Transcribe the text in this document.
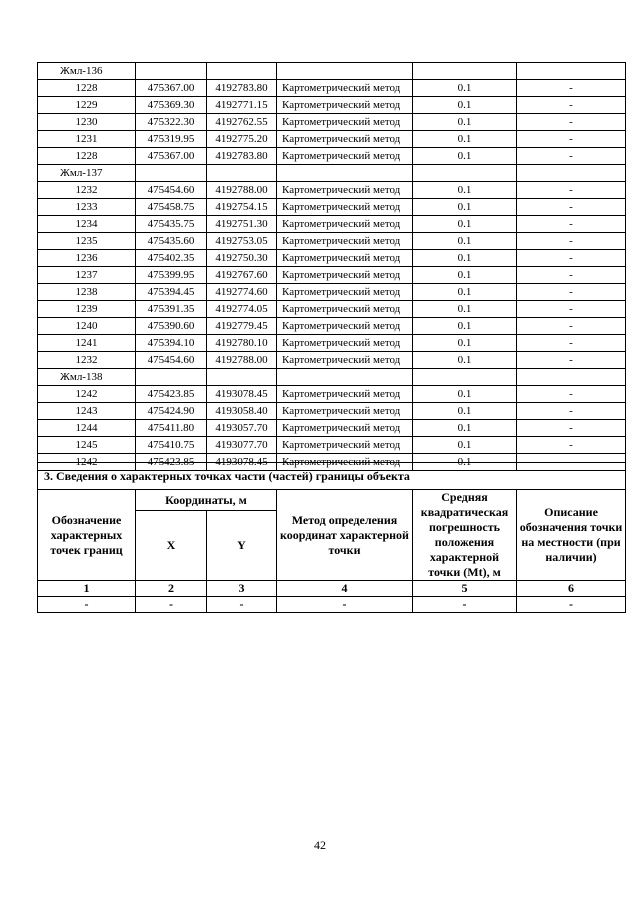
Жмл-136					
1228	475367.00	4192783.80	Картометрический метод	0.1	-
1229	475369.30	4192771.15	Картометрический метод	0.1	-
1230	475322.30	4192762.55	Картометрический метод	0.1	-
1231	475319.95	4192775.20	Картометрический метод	0.1	-
1228	475367.00	4192783.80	Картометрический метод	0.1	-
Жмл-137					
1232	475454.60	4192788.00	Картометрический метод	0.1	-
1233	475458.75	4192754.15	Картометрический метод	0.1	-
1234	475435.75	4192751.30	Картометрический метод	0.1	-
1235	475435.60	4192753.05	Картометрический метод	0.1	-
1236	475402.35	4192750.30	Картометрический метод	0.1	-
1237	475399.95	4192767.60	Картометрический метод	0.1	-
1238	475394.45	4192774.60	Картометрический метод	0.1	-
1239	475391.35	4192774.05	Картометрический метод	0.1	-
1240	475390.60	4192779.45	Картометрический метод	0.1	-
1241	475394.10	4192780.10	Картометрический метод	0.1	-
1232	475454.60	4192788.00	Картометрический метод	0.1	-
Жмл-138					
1242	475423.85	4193078.45	Картометрический метод	0.1	-
1243	475424.90	4193058.40	Картометрический метод	0.1	-
1244	475411.80	4193057.70	Картометрический метод	0.1	-
1245	475410.75	4193077.70	Картометрический метод	0.1	-
1242	475423.85	4193078.45	Картометрический метод	0.1	-
3. Сведения о характерных точках части (частей) границы объекта					
Обозначение характерных точек границ	Координаты, м		Метод определения координат характерной точки	Средняя квадратическая погрешность положения характерной точки (Mt), м	Описание обозначения точки на местности (при наличии)
	X	Y			
1	2	3	4	5	6
-	-	-	-	-	-
42
